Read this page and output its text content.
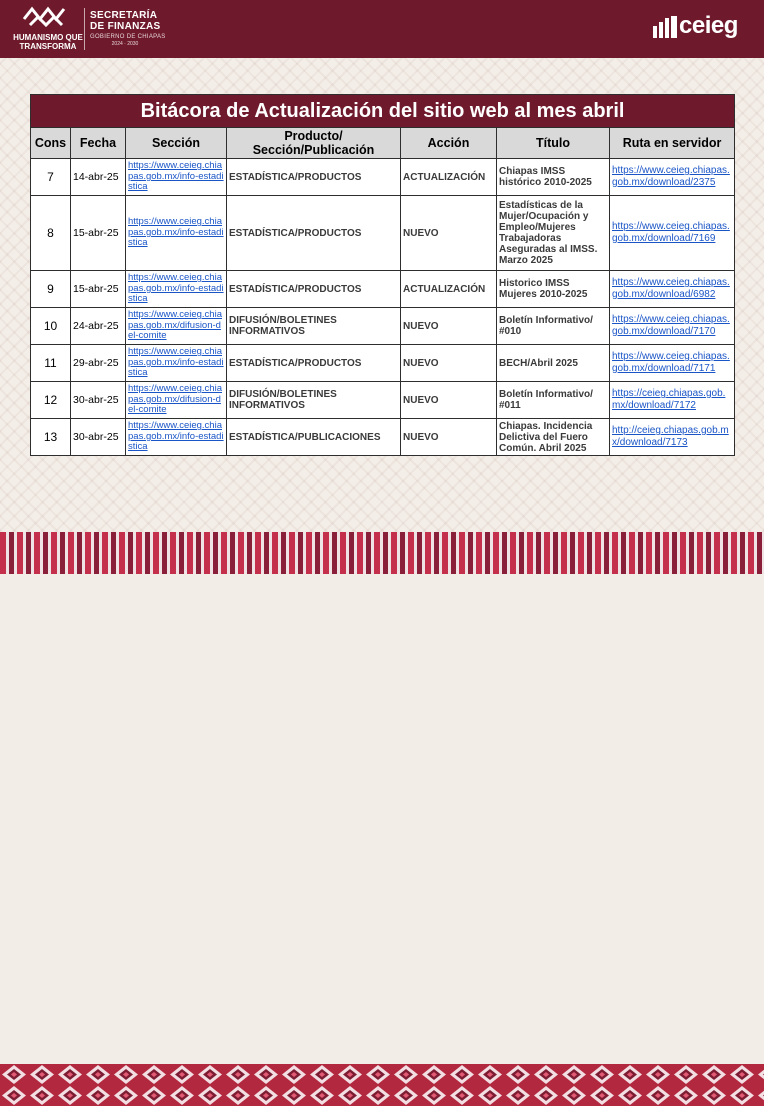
HUMANISMO QUE TRANSFORMA
SECRETARÍA DE FINANZAS
GOBIERNO DE CHIAPAS
2024 · 2030
ceieg
Bitácora de Actualización del sitio web al mes abril						
Cons	Fecha	Sección	Producto/ Sección/Publicación	Acción	Título	Ruta en servidor
7	14-abr-25	https://www.ceieg.chiapas.gob.mx/info-estadistica	ESTADÍSTICA/PRODUCTOS	ACTUALIZACIÓN	Chiapas IMSS histórico 2010-2025	https://www.ceieg.chiapas.gob.mx/download/2375
8	15-abr-25	https://www.ceieg.chiapas.gob.mx/info-estadistica	ESTADÍSTICA/PRODUCTOS	NUEVO	Estadísticas de la Mujer/Ocupación y Empleo/Mujeres Trabajadoras Aseguradas al IMSS. Marzo 2025	https://www.ceieg.chiapas.gob.mx/download/7169
9	15-abr-25	https://www.ceieg.chiapas.gob.mx/info-estadistica	ESTADÍSTICA/PRODUCTOS	ACTUALIZACIÓN	Historico IMSS Mujeres 2010-2025	https://www.ceieg.chiapas.gob.mx/download/6982
10	24-abr-25	https://www.ceieg.chiapas.gob.mx/difusion-del-comite	DIFUSIÓN/BOLETINES INFORMATIVOS	NUEVO	Boletín Informativo/ #010	https://www.ceieg.chiapas.gob.mx/download/7170
11	29-abr-25	https://www.ceieg.chiapas.gob.mx/info-estadistica	ESTADÍSTICA/PRODUCTOS	NUEVO	BECH/Abril 2025	https://www.ceieg.chiapas.gob.mx/download/7171
12	30-abr-25	https://www.ceieg.chiapas.gob.mx/difusion-del-comite	DIFUSIÓN/BOLETINES INFORMATIVOS	NUEVO	Boletín Informativo/ #011	https://ceieg.chiapas.gob.mx/download/7172
13	30-abr-25	https://www.ceieg.chiapas.gob.mx/info-estadistica	ESTADÍSTICA/PUBLICACIONES	NUEVO	Chiapas. Incidencia Delictiva del Fuero Común. Abril 2025	http://ceieg.chiapas.gob.mx/download/7173
